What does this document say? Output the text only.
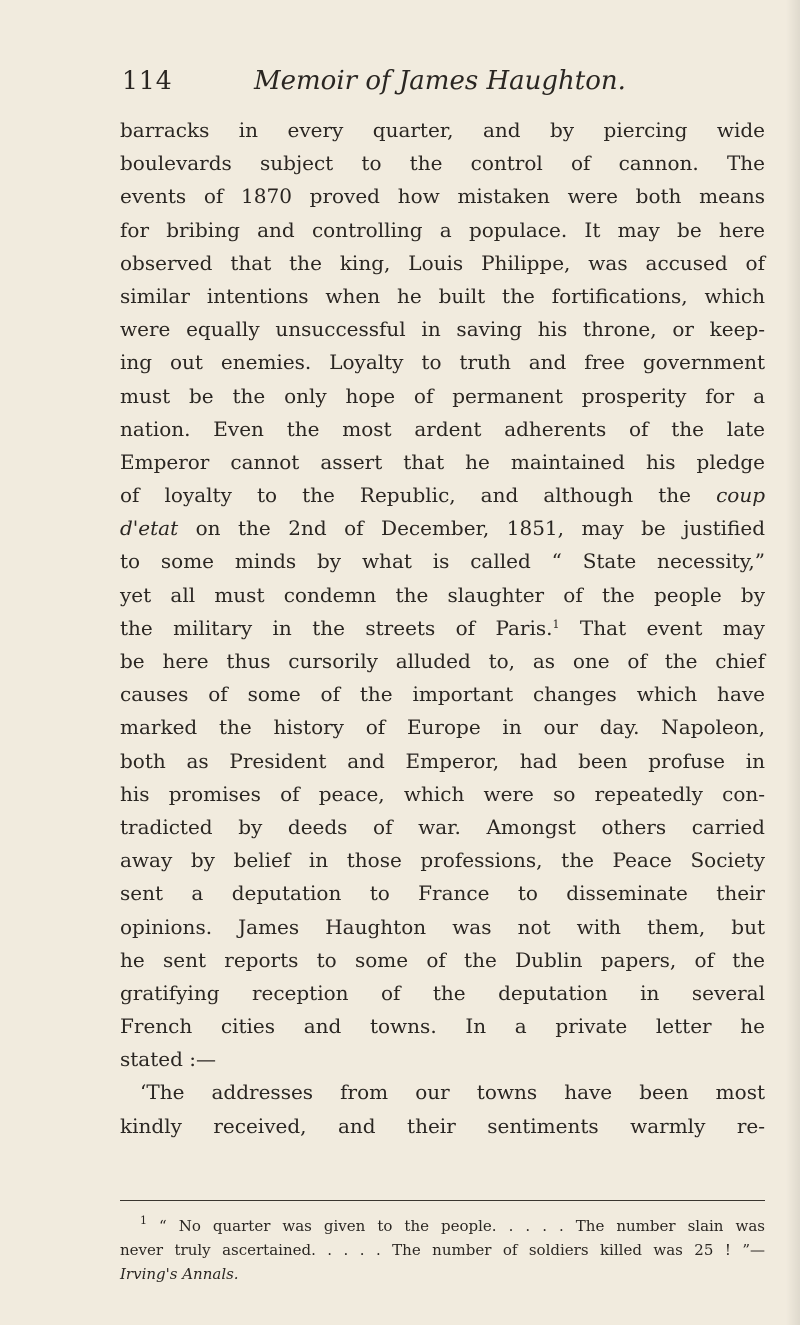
114	Memoir of James Haughton.
barracks in every quarter, and by piercing wide
boulevards subject to the control of cannon. The
events of 1870 proved how mistaken were both means
for bribing and controlling a populace. It may be here
observed that the king, Louis Philippe, was accused of
similar intentions when he built the fortifications, which
were equally unsuccessful in saving his throne, or keep-
ing out enemies. Loyalty to truth and free government
must be the only hope of permanent prosperity for a
nation. Even the most ardent adherents of the late
Emperor cannot assert that he maintained his pledge
of loyalty to the Republic, and although the coup
d'etat on the 2nd of December, 1851, may be justified
to some minds by what is called “ State necessity,”
yet all must condemn the slaughter of the people by
the military in the streets of Paris.$^1$ That event may
be here thus cursorily alluded to, as one of the chief
causes of some of the important changes which have
marked the history of Europe in our day. Napoleon,
both as President and Emperor, had been profuse in
his promises of peace, which were so repeatedly con-
tradicted by deeds of war. Amongst others carried
away by belief in those professions, the Peace Society
sent a deputation to France to disseminate their
opinions. James Haughton was not with them, but
he sent reports to some of the Dublin papers, of the
gratifying reception of the deputation in several
French cities and towns. In a private letter he
stated :—
‘The addresses from our towns have been most
kindly received, and their sentiments warmly re-
$^1$ “ No quarter was given to the people. . . . . The number slain was
never truly ascertained. . . . . The number of soldiers killed was 25 ! ”—
Irving's Annals.
